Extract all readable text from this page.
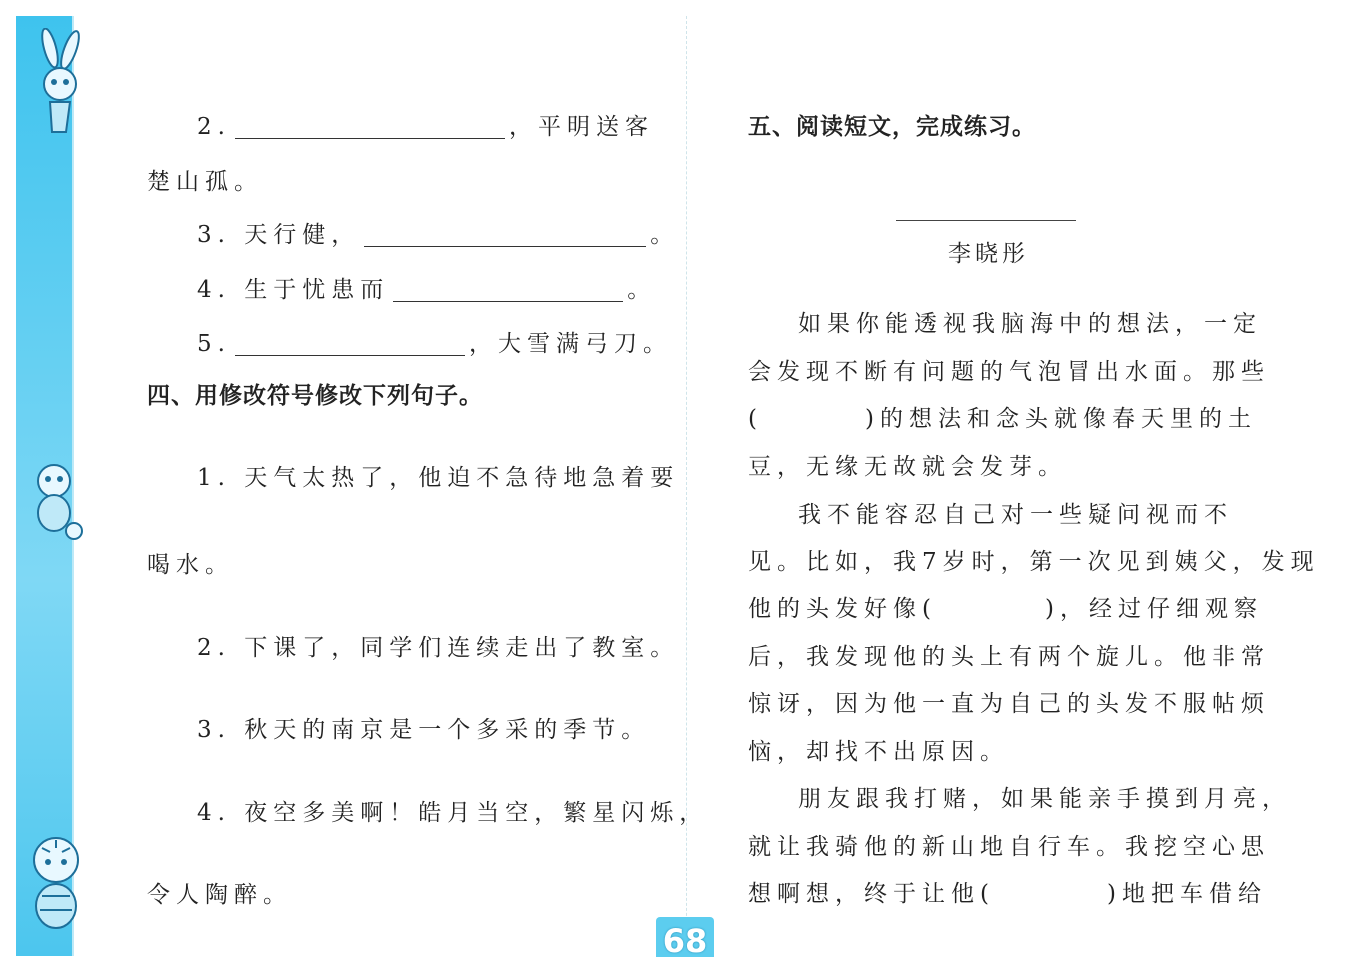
2.	，平明送客
楚山孤。
3. 天行健，	。
4. 生于忧患而	。
5.	，大雪满弓刀。
四、用修改符号修改下列句子。
1. 天气太热了，他迫不急待地急着要
喝水。
2. 下课了，同学们连续走出了教室。
3. 秋天的南京是一个多采的季节。
4. 夜空多美啊！皓月当空，繁星闪烁，
令人陶醉。
五、阅读短文，完成练习。
李晓彤
如果你能透视我脑海中的想法，一定
会发现不断有问题的气泡冒出水面。那些
(	)的想法和念头就像春天里的土
豆，无缘无故就会发芽。
我不能容忍自己对一些疑问视而不
见。比如，我7岁时，第一次见到姨父，发现
他的头发好像(	)，经过仔细观察
后，我发现他的头上有两个旋儿。他非常
惊讶，因为他一直为自己的头发不服帖烦
恼，却找不出原因。
朋友跟我打赌，如果能亲手摸到月亮，
就让我骑他的新山地自行车。我挖空心思
想啊想，终于让他(	)地把车借给
68
